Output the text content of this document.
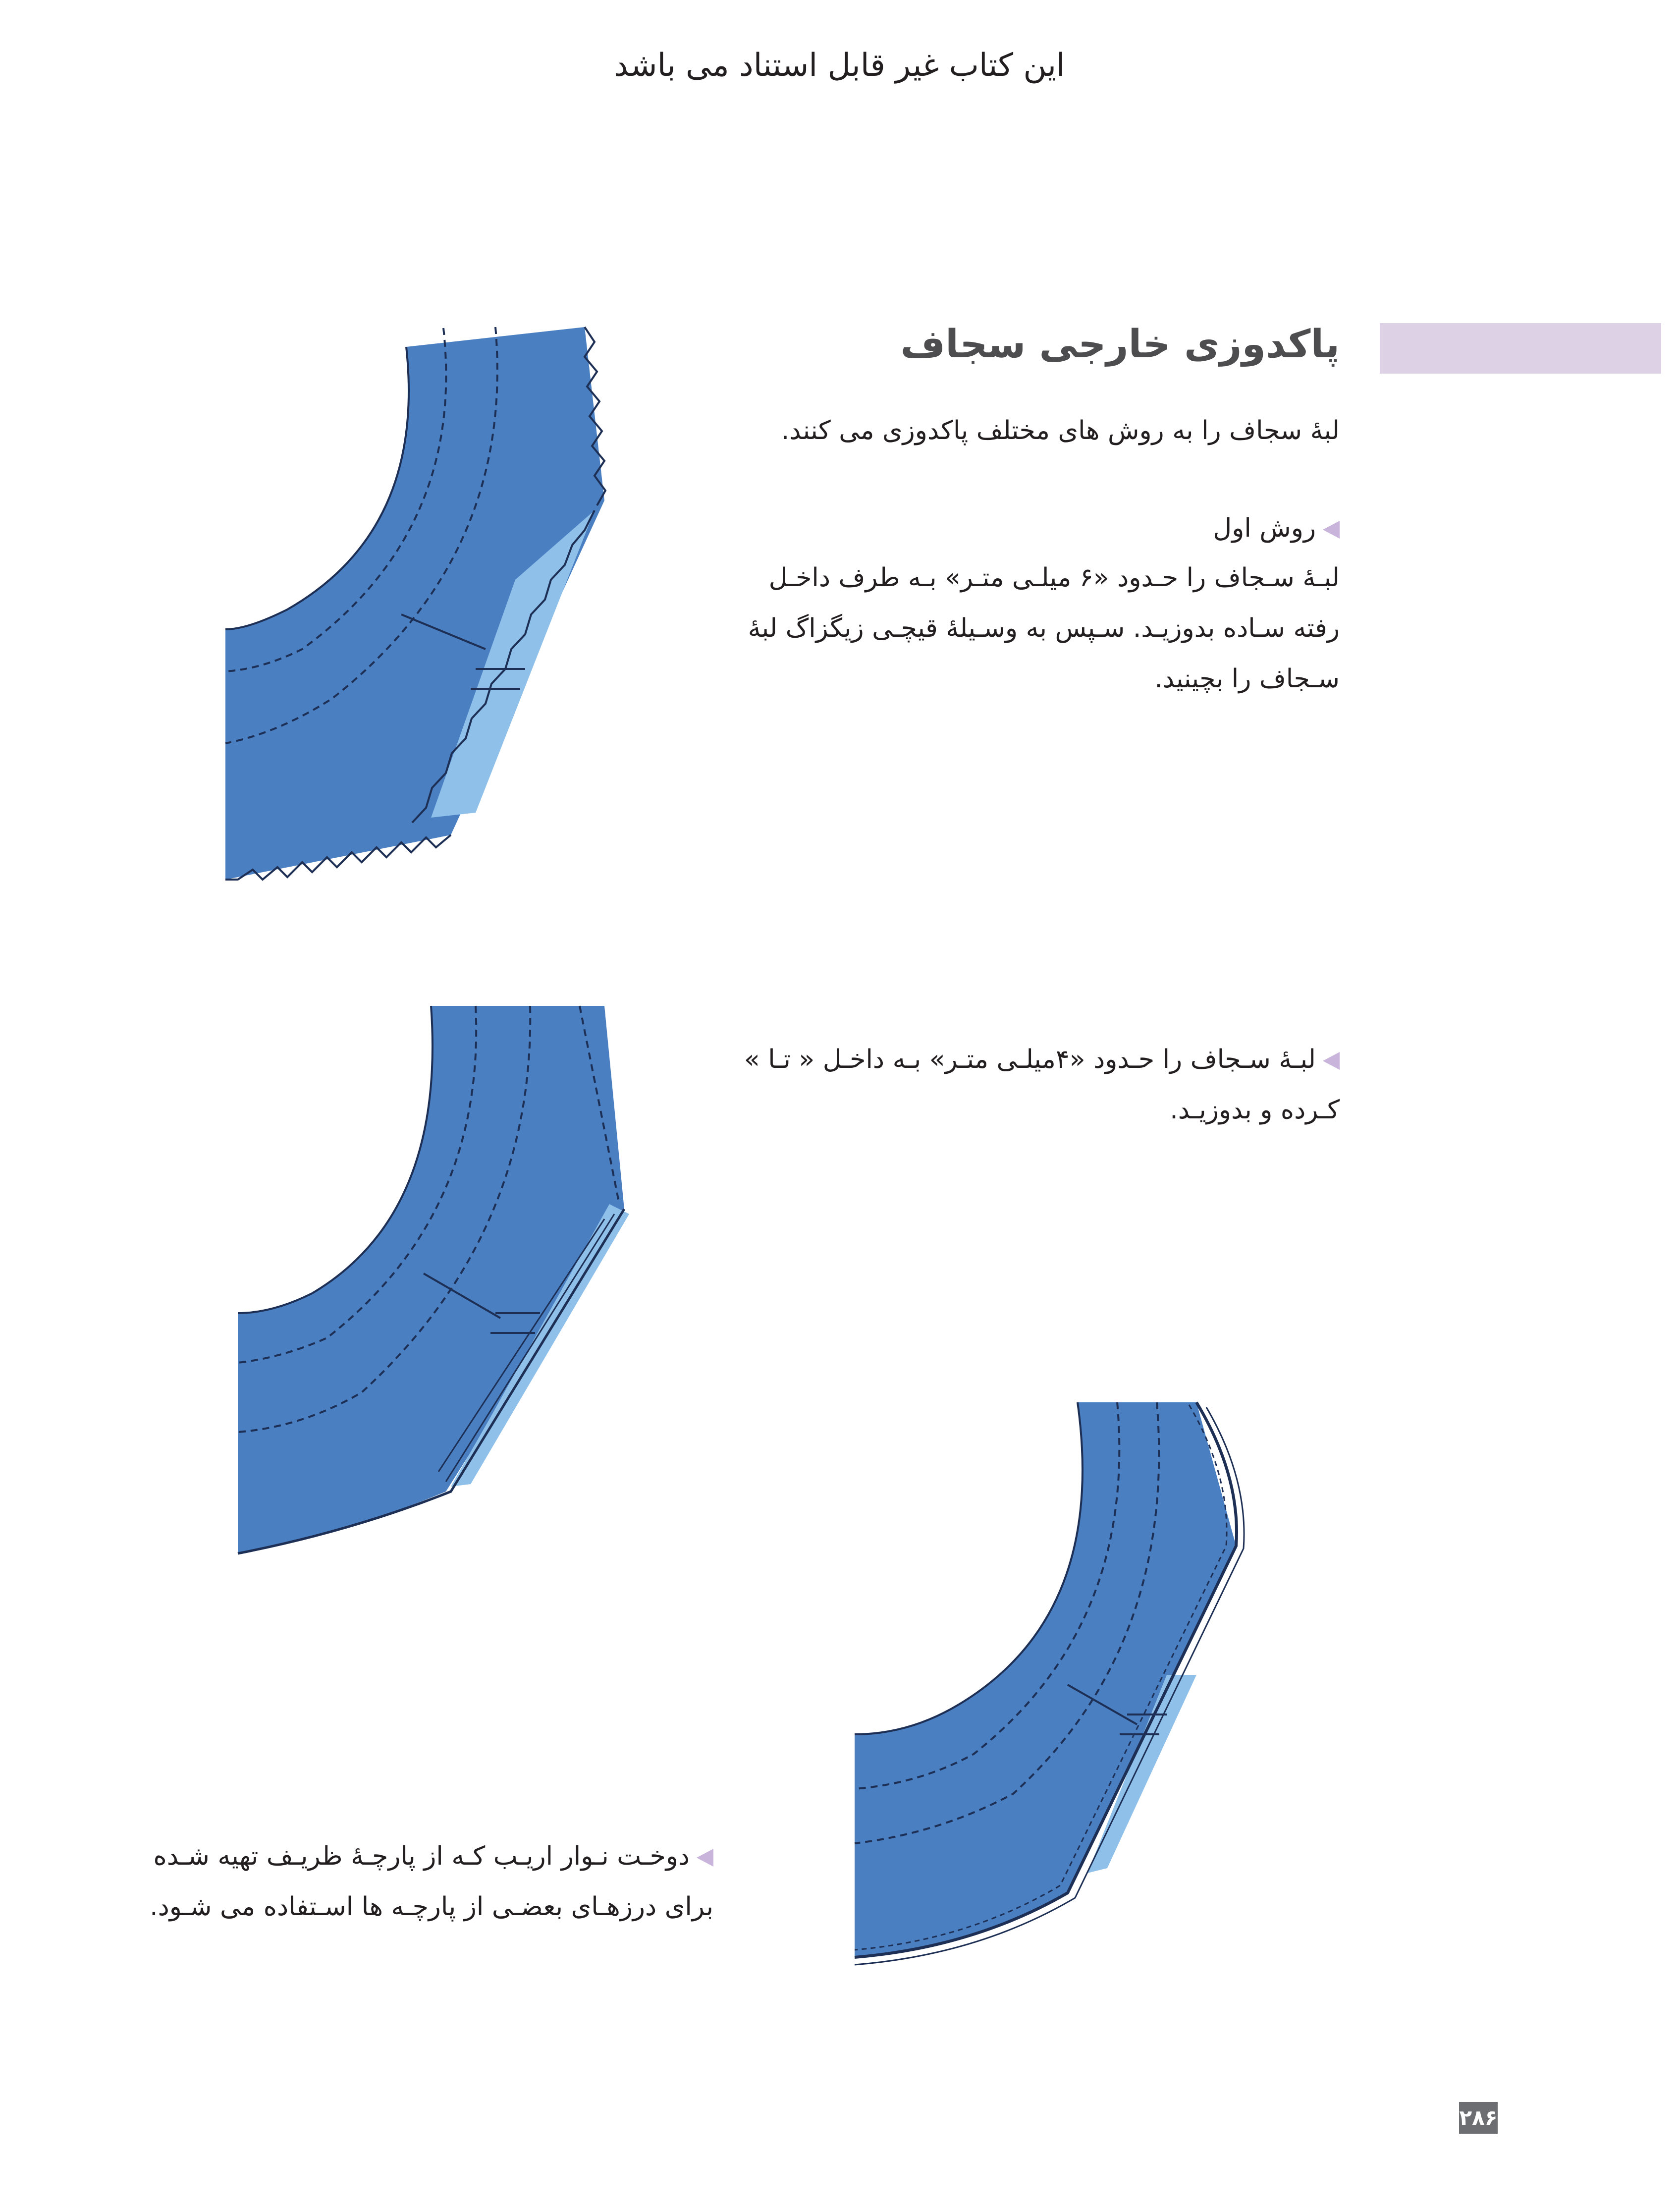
این کتاب غیر قابل استناد می باشد
پاکدوزی خارجی سجاف
لبهٔ سجاف را به روش های مختلف پاکدوزی می کنند.
روش اول
لبـهٔ سـجاف را حـدود «۶ میلـی متـر» بـه طرف داخـل رفته سـاده بدوزیـد. سـپس به وسـیلهٔ قیچـی زیگزاگ لبهٔ سـجاف را بچینید.
لبـهٔ سـجاف را حـدود «۴میلـی متـر» بـه داخـل « تـا » کـرده و بدوزیـد.
دوخـت نـوار اریـب کـه از پارچـهٔ ظریـف تهیه شـده برای درزهـای بعضـی از پارچـه ها اسـتفاده می شـود.
۲۸۶
